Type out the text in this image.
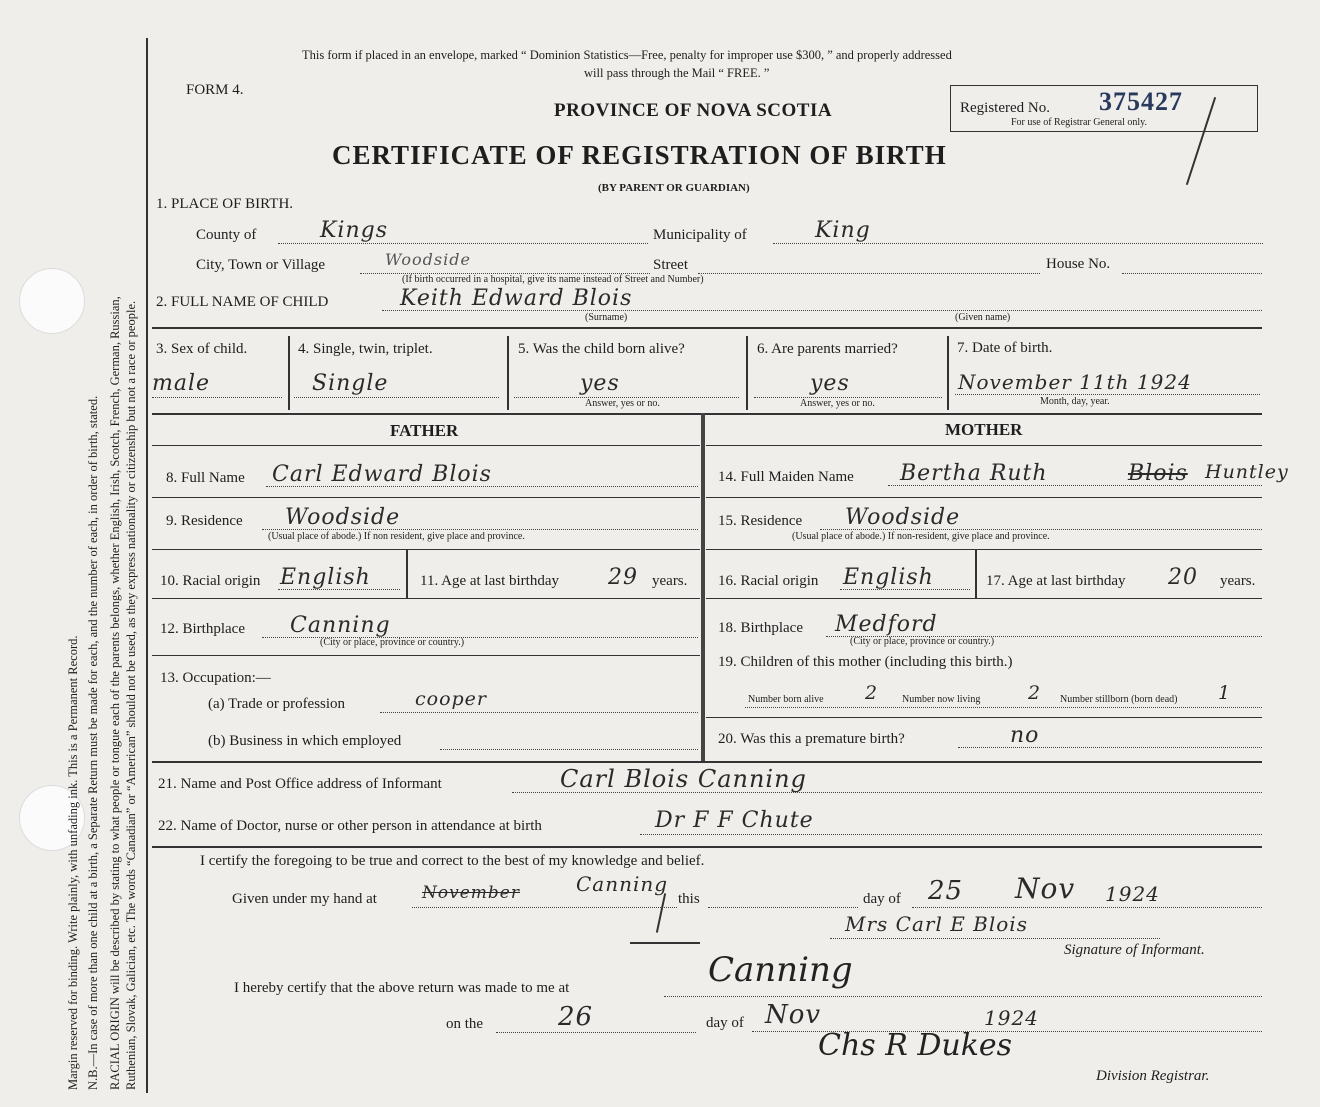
Margin reserved for binding. Write plainly, with unfading ink. This is a Permanent Record. N.B.—In case of more than one child at a birth, a Separate Return must be made for each, and the number of each, in order of birth, stated. RACIAL ORIGIN will be described by stating to what people or tongue each of the parents belongs, whether English, Irish, Scotch, French, German, Russian, Ruthenian, Slovak, Galician, etc. The words “Canadian” or “American” should not be used, as they express nationality or citizenship but not a race or people.
This form if placed in an envelope, marked “ Dominion Statistics—Free, penalty for improper use $300, ” and properly addressed
will pass through the Mail “ FREE. ”
FORM 4.
PROVINCE OF NOVA SCOTIA
CERTIFICATE OF REGISTRATION OF BIRTH
(BY PARENT OR GUARDIAN)
Registered No. 375427
For use of Registrar General only.
1. PLACE OF BIRTH.
County of	Kings	Municipality of	King
City, Town or Village	Woodside	Street	House No.
(If birth occurred in a hospital, give its name instead of Street and Number)
2. FULL NAME OF CHILD	Keith Edward Blois
(Surname)	(Given name)
3. Sex of child.
male
4. Single, twin, triplet.
Single
5. Was the child born alive?
yes
Answer, yes or no.
6. Are parents married?
yes
Answer, yes or no.
7. Date of birth.
November 11th 1924
Month, day, year.
FATHER	MOTHER
8. Full Name Carl Edward Blois
9. Residence Woodside
(Usual place of abode.) If non resident, give place and province.
10. Racial origin English	11. Age at last birthday 29 years.
12. Birthplace Canning
(City or place, province or country.)
13. Occupation:—
(a) Trade or profession	cooper
(b) Business in which employed
14. Full Maiden Name Bertha Ruth	Blois Huntley
15. Residence Woodside
(Usual place of abode.) If non-resident, give place and province.
16. Racial origin English	17. Age at last birthday 20 years.
18. Birthplace Medford
(City or place, province or country.)
19. Children of this mother (including this birth.)
Number born alive 2 Number now living	2 Number stillborn (born dead) 1
20. Was this a premature birth?	no
21. Name and Post Office address of Informant	Carl Blois Canning
22. Name of Doctor, nurse or other person in attendance at birth	Dr F F Chute
I certify the foregoing to be true and correct to the best of my knowledge and belief.
Given under my hand at	November	Canning
this	day of 25 Nov 1924
Mrs Carl E Blois
Signature of Informant.
I hereby certify that the above return was made to me at	Canning
on the	26	day of Nov	1924
Chs R Dukes
Division Registrar.
